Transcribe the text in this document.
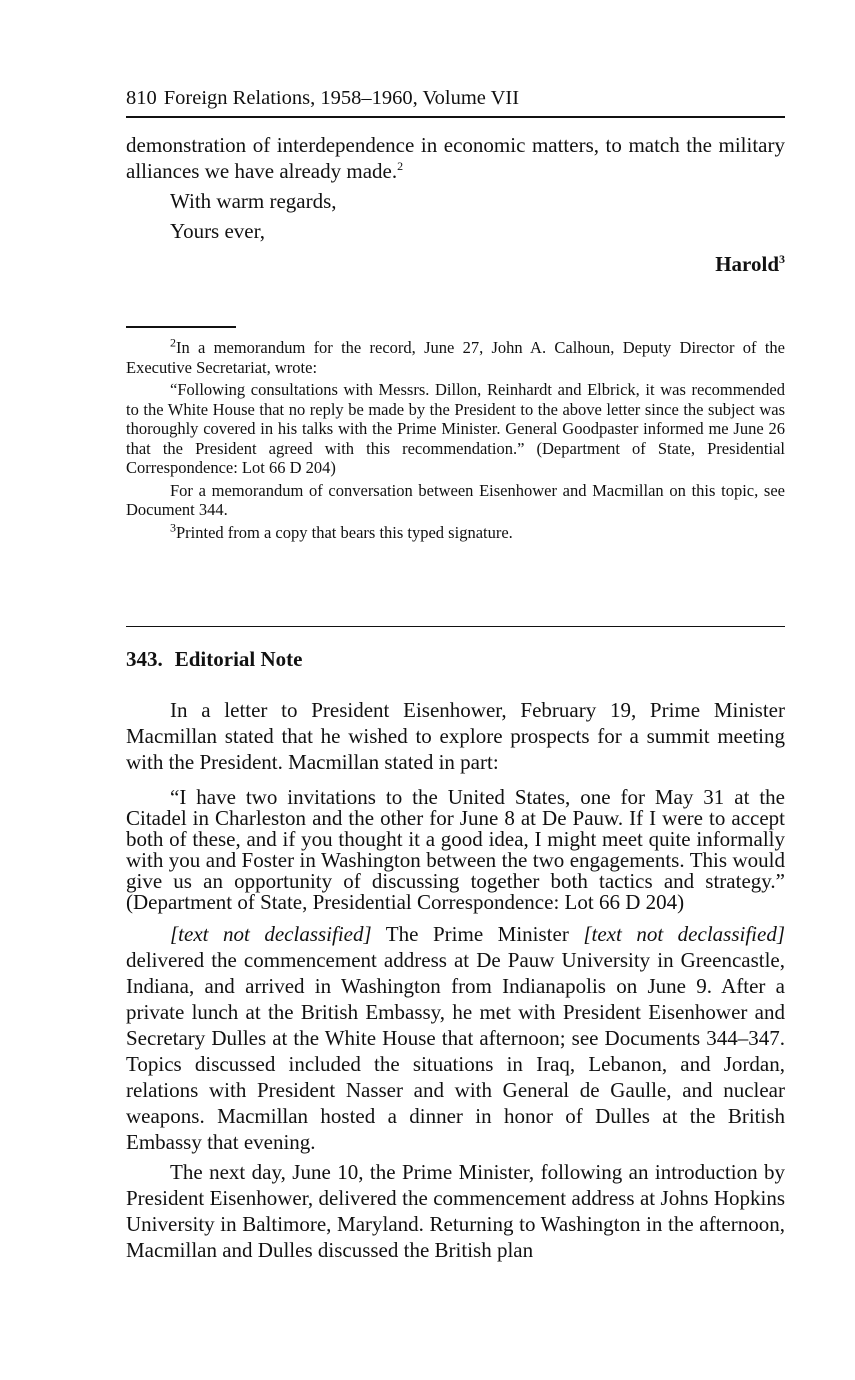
810 Foreign Relations, 1958–1960, Volume VII

demonstration of interdependence in economic matters, to match the military alliances we have already made.$^2$

With warm regards,
Yours ever,
Harold$^3$

$^2$In a memorandum for the record, June 27, John A. Calhoun, Deputy Director of the Executive Secretariat, wrote:

“Following consultations with Messrs. Dillon, Reinhardt and Elbrick, it was recommended to the White House that no reply be made by the President to the above letter since the subject was thoroughly covered in his talks with the Prime Minister. General Goodpaster informed me June 26 that the President agreed with this recommendation.” (Department of State, Presidential Correspondence: Lot 66 D 204)

For a memorandum of conversation between Eisenhower and Macmillan on this topic, see Document 344.

$^3$Printed from a copy that bears this typed signature.

343. Editorial Note

In a letter to President Eisenhower, February 19, Prime Minister Macmillan stated that he wished to explore prospects for a summit meeting with the President. Macmillan stated in part:

“I have two invitations to the United States, one for May 31 at the Citadel in Charleston and the other for June 8 at De Pauw. If I were to accept both of these, and if you thought it a good idea, I might meet quite informally with you and Foster in Washington between the two engagements. This would give us an opportunity of discussing together both tactics and strategy.” (Department of State, Presidential Correspondence: Lot 66 D 204)

[text not declassified] The Prime Minister [text not declassified] delivered the commencement address at De Pauw University in Greencastle, Indiana, and arrived in Washington from Indianapolis on June 9. After a private lunch at the British Embassy, he met with President Eisenhower and Secretary Dulles at the White House that afternoon; see Documents 344–347. Topics discussed included the situations in Iraq, Lebanon, and Jordan, relations with President Nasser and with General de Gaulle, and nuclear weapons. Macmillan hosted a dinner in honor of Dulles at the British Embassy that evening.

The next day, June 10, the Prime Minister, following an introduction by President Eisenhower, delivered the commencement address at Johns Hopkins University in Baltimore, Maryland. Returning to Washington in the afternoon, Macmillan and Dulles discussed the British plan
